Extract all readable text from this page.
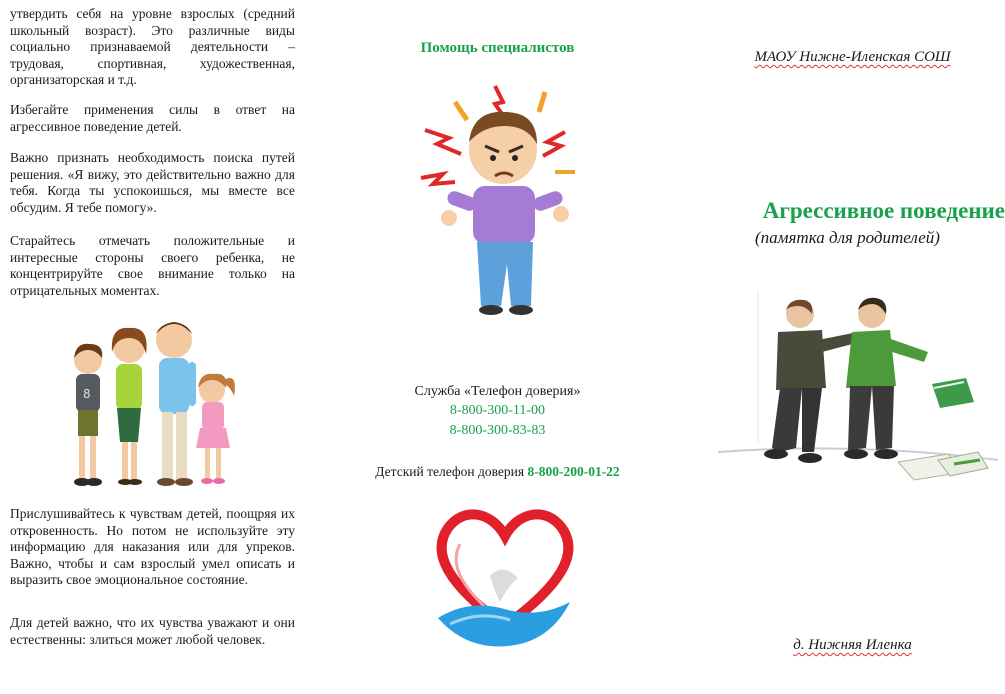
утвердить себя на уровне взрослых (средний школьный возраст). Это различные виды социально признаваемой деятельности – трудовая, спортивная, художественная, организаторская и т.д.

Избегайте применения силы в ответ на агрессивное поведение детей.

Важно признать необходимость поиска путей решения. «Я вижу, это действительно важно для тебя. Когда ты успокоишься, мы вместе все обсудим. Я тебе помогу».

Старайтесь отмечать положительные и интересные стороны своего ребенка, не концентрируйте свое внимание только на отрицательных моментах.

8

Прислушивайтесь к чувствам детей, поощряя их откровенность. Но потом не используйте эту информацию для наказания или для упреков. Важно, чтобы и сам взрослый умел описать и выразить свое эмоциональное состояние.

Для детей важно, что их чувства уважают и они естественны: злиться может любой человек.

Помощь специалистов
Служба «Телефон доверия»
8-800-300-11-00
8-800-300-83-83
Детский телефон доверия 8-800-200-01-22
МАОУ Нижне-Иленская СОШ
Агрессивное поведение
(памятка для родителей)
д. Нижняя Иленка
